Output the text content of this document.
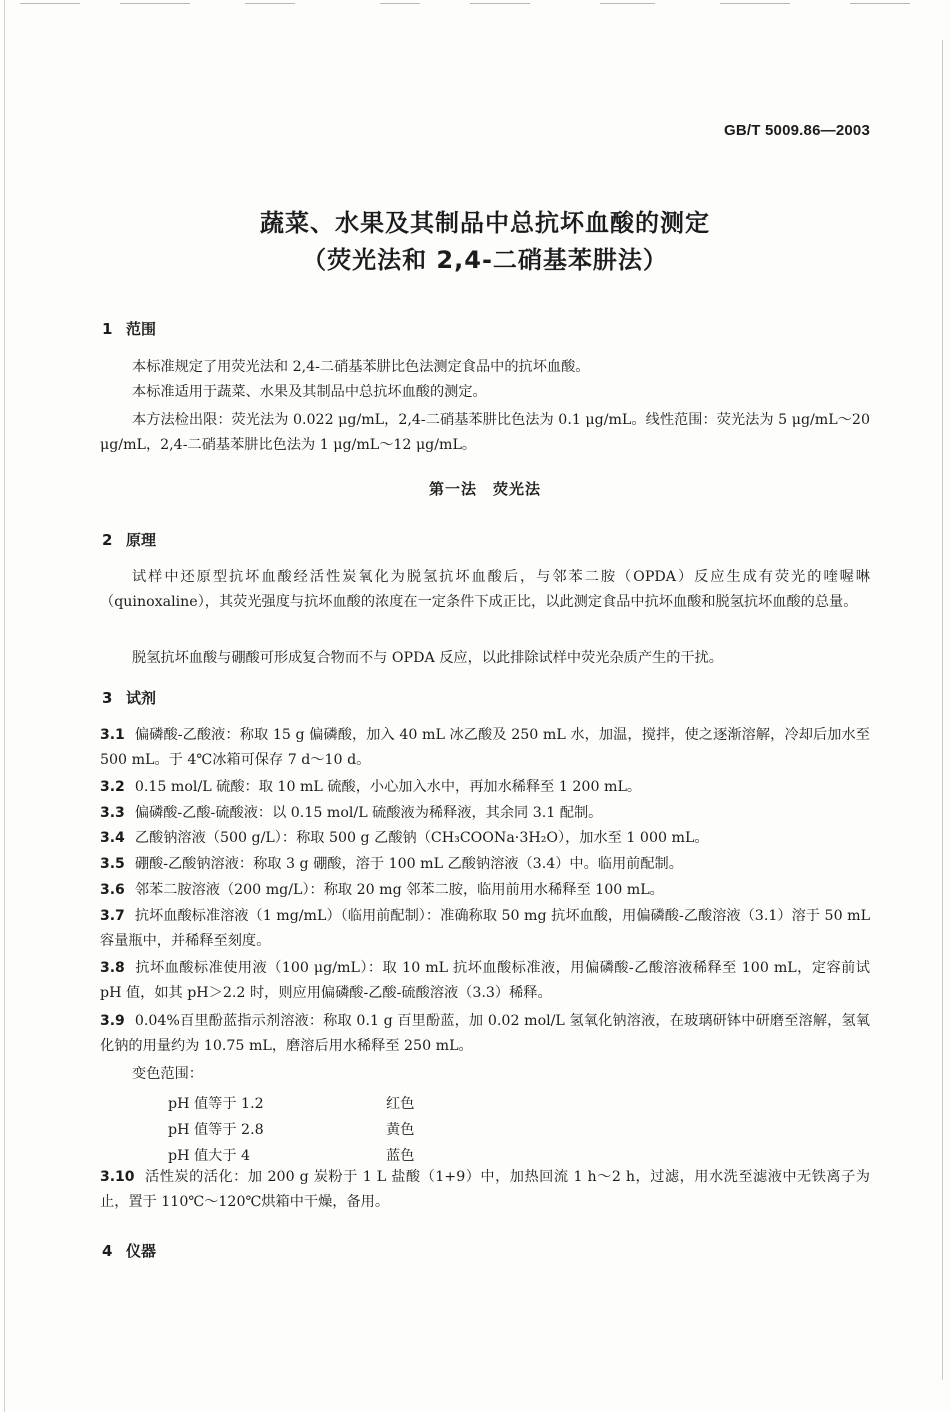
GB/T 5009.86—2003
蔬菜、水果及其制品中总抗坏血酸的测定
（荧光法和 2,4-二硝基苯肼法）
1 范围
本标准规定了用荧光法和 2,4-二硝基苯肼比色法测定食品中的抗坏血酸。
本标准适用于蔬菜、水果及其制品中总抗坏血酸的测定。
本方法检出限：荧光法为 0.022 μg/mL，2,4-二硝基苯肼比色法为 0.1 μg/mL。线性范围：荧光法为 5 μg/mL～20 μg/mL，2,4-二硝基苯肼比色法为 1 μg/mL～12 μg/mL。
第一法　荧光法
2 原理
试样中还原型抗坏血酸经活性炭氧化为脱氢抗坏血酸后，与邻苯二胺（OPDA）反应生成有荧光的喹喔啉（quinoxaline），其荧光强度与抗坏血酸的浓度在一定条件下成正比，以此测定食品中抗坏血酸和脱氢抗坏血酸的总量。
脱氢抗坏血酸与硼酸可形成复合物而不与 OPDA 反应，以此排除试样中荧光杂质产生的干扰。
3 试剂
3.1 偏磷酸-乙酸液：称取 15 g 偏磷酸，加入 40 mL 冰乙酸及 250 mL 水，加温，搅拌，使之逐渐溶解，冷却后加水至 500 mL。于 4℃冰箱可保存 7 d～10 d。
3.2 0.15 mol/L 硫酸：取 10 mL 硫酸，小心加入水中，再加水稀释至 1 200 mL。
3.3 偏磷酸-乙酸-硫酸液：以 0.15 mol/L 硫酸液为稀释液，其余同 3.1 配制。
3.4 乙酸钠溶液（500 g/L）：称取 500 g 乙酸钠（CH₃COONa·3H₂O），加水至 1 000 mL。
3.5 硼酸-乙酸钠溶液：称取 3 g 硼酸，溶于 100 mL 乙酸钠溶液（3.4）中。临用前配制。
3.6 邻苯二胺溶液（200 mg/L）：称取 20 mg 邻苯二胺，临用前用水稀释至 100 mL。
3.7 抗坏血酸标准溶液（1 mg/mL）（临用前配制）：准确称取 50 mg 抗坏血酸，用偏磷酸-乙酸溶液（3.1）溶于 50 mL 容量瓶中，并稀释至刻度。
3.8 抗坏血酸标准使用液（100 μg/mL）：取 10 mL 抗坏血酸标准液，用偏磷酸-乙酸溶液稀释至 100 mL，定容前试 pH 值，如其 pH＞2.2 时，则应用偏磷酸-乙酸-硫酸溶液（3.3）稀释。
3.9 0.04%百里酚蓝指示剂溶液：称取 0.1 g 百里酚蓝，加 0.02 mol/L 氢氧化钠溶液，在玻璃研钵中研磨至溶解，氢氧化钠的用量约为 10.75 mL，磨溶后用水稀释至 250 mL。
变色范围：
pH 值等于 1.2	红色
pH 值等于 2.8	黄色
pH 值大于 4	蓝色
3.10 活性炭的活化：加 200 g 炭粉于 1 L 盐酸（1+9）中，加热回流 1 h～2 h，过滤，用水洗至滤液中无铁离子为止，置于 110℃～120℃烘箱中干燥，备用。
4 仪器
